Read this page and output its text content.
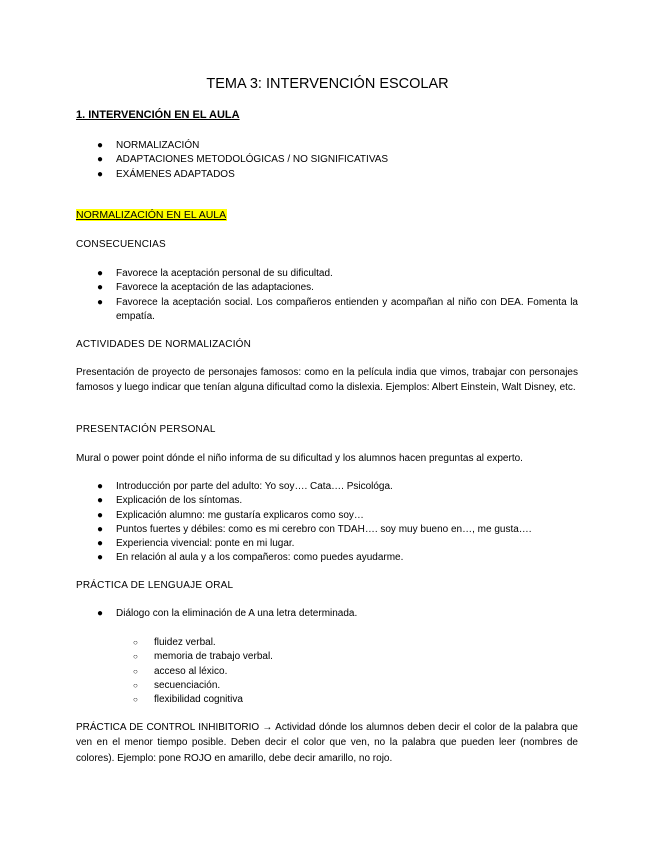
TEMA 3: INTERVENCIÓN ESCOLAR
1. INTERVENCIÓN EN EL AULA
● NORMALIZACIÓN
● ADAPTACIONES METODOLÓGICAS / NO SIGNIFICATIVAS
● EXÁMENES ADAPTADOS
NORMALIZACIÓN EN EL AULA
CONSECUENCIAS
● Favorece la aceptación personal de su dificultad.
● Favorece la aceptación de las adaptaciones.
● Favorece la aceptación social. Los compañeros entienden y acompañan al niño con DEA. Fomenta la empatía.
ACTIVIDADES DE NORMALIZACIÓN

Presentación de proyecto de personajes famosos: como en la película india que vimos, trabajar con personajes famosos y luego indicar que tenían alguna dificultad como la dislexia. Ejemplos: Albert Einstein, Walt Disney, etc.

PRESENTACIÓN PERSONAL

Mural o power point dónde el niño informa de su dificultad y los alumnos hacen preguntas al experto.

● Introducción por parte del adulto: Yo soy…. Cata…. Psicológa.
● Explicación de los síntomas.
● Explicación alumno: me gustaría explicaros como soy…
● Puntos fuertes y débiles: como es mi cerebro con TDAH…. soy muy bueno en…, me gusta….
● Experiencia vivencial: ponte en mi lugar.
● En relación al aula y a los compañeros: como puedes ayudarme.
PRÁCTICA DE LENGUAJE ORAL
● Diálogo con la eliminación de A una letra determinada.
○ fluidez verbal.
○ memoria de trabajo verbal.
○ acceso al léxico.
○ secuenciación.
○ flexibilidad cognitiva

PRÁCTICA DE CONTROL INHIBITORIO → Actividad dónde los alumnos deben decir el color de la palabra que ven en el menor tiempo posible. Deben decir el color que ven, no la palabra que pueden leer (nombres de colores). Ejemplo: pone ROJO en amarillo, debe decir amarillo, no rojo.
